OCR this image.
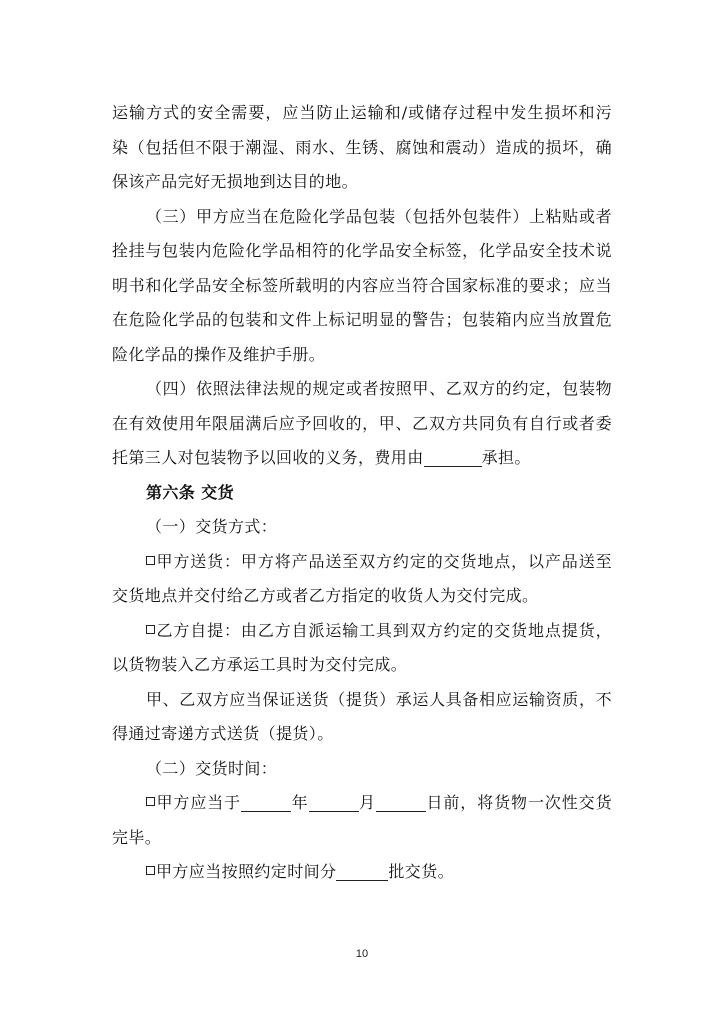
运输方式的安全需要，应当防止运输和/或储存过程中发生损坏和污
染（包括但不限于潮湿、雨水、生锈、腐蚀和震动）造成的损坏，确
保该产品完好无损地到达目的地。
（三）甲方应当在危险化学品包装（包括外包装件）上粘贴或者
拴挂与包装内危险化学品相符的化学品安全标签，化学品安全技术说
明书和化学品安全标签所载明的内容应当符合国家标准的要求；应当
在危险化学品的包装和文件上标记明显的警告；包装箱内应当放置危
险化学品的操作及维护手册。
（四）依照法律法规的规定或者按照甲、乙双方的约定，包装物
在有效使用年限届满后应予回收的，甲、乙双方共同负有自行或者委
托第三人对包装物予以回收的义务，费用由	承担。
第六条 交货
（一）交货方式：
甲方送货：甲方将产品送至双方约定的交货地点，以产品送至
交货地点并交付给乙方或者乙方指定的收货人为交付完成。
乙方自提：由乙方自派运输工具到双方约定的交货地点提货，
以货物装入乙方承运工具时为交付完成。
甲、乙双方应当保证送货（提货）承运人具备相应运输资质，不
得通过寄递方式送货（提货）。
（二）交货时间：
甲方应当于	年	月	日前，将货物一次性交货
完毕。
甲方应当按照约定时间分	批交货。
10
